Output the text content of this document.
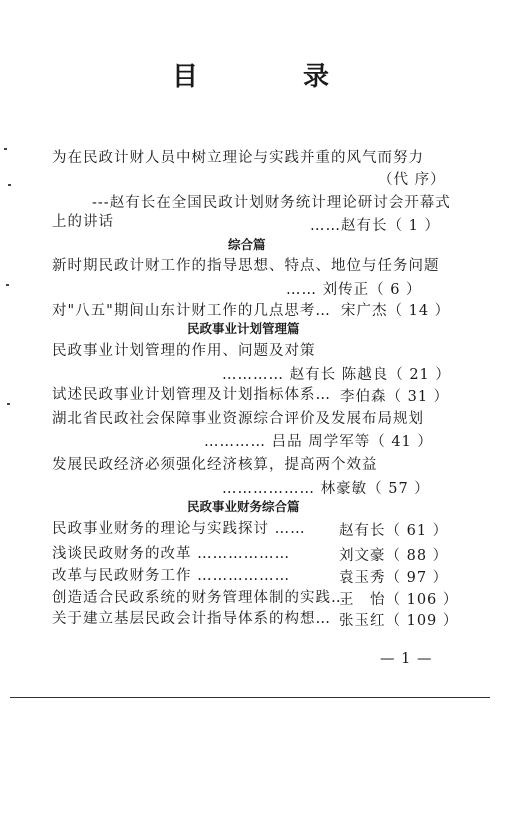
目	录
为在民政计财人员中树立理论与实践并重的风气而努力
（代 序）
---赵有长在全国民政计划财务统计理论研讨会开幕式
上的讲话	……赵有长（ 1 ）
综合篇
新时期民政计财工作的指导思想、特点、地位与任务问题
…… 刘传正（ 6 ）
对"八五"期间山东计财工作的几点思考… 宋广杰（ 14 ）
民政事业计划管理篇
民政事业计划管理的作用、问题及对策
………… 赵有长 陈越良（ 21 ）
试述民政事业计划管理及计划指标体系… 李伯森（ 31 ）
湖北省民政社会保障事业资源综合评价及发展布局规划
………… 吕品 周学军等（ 41 ）
发展民政经济必须强化经济核算，提高两个效益
……………… 林豪敏（ 57 ）
民政事业财务综合篇
民政事业财务的理论与实践探讨 …… 赵有长（ 61 ）
浅谈民政财务的改革 ………………	刘文豪（ 88 ）
改革与民政财务工作 ………………	袁玉秀（ 97 ）
创造适合民政系统的财务管理体制的实践…
王　怡（ 106 ）
关于建立基层民政会计指导体系的构想… 张玉红（ 109 ）
— 1 —
